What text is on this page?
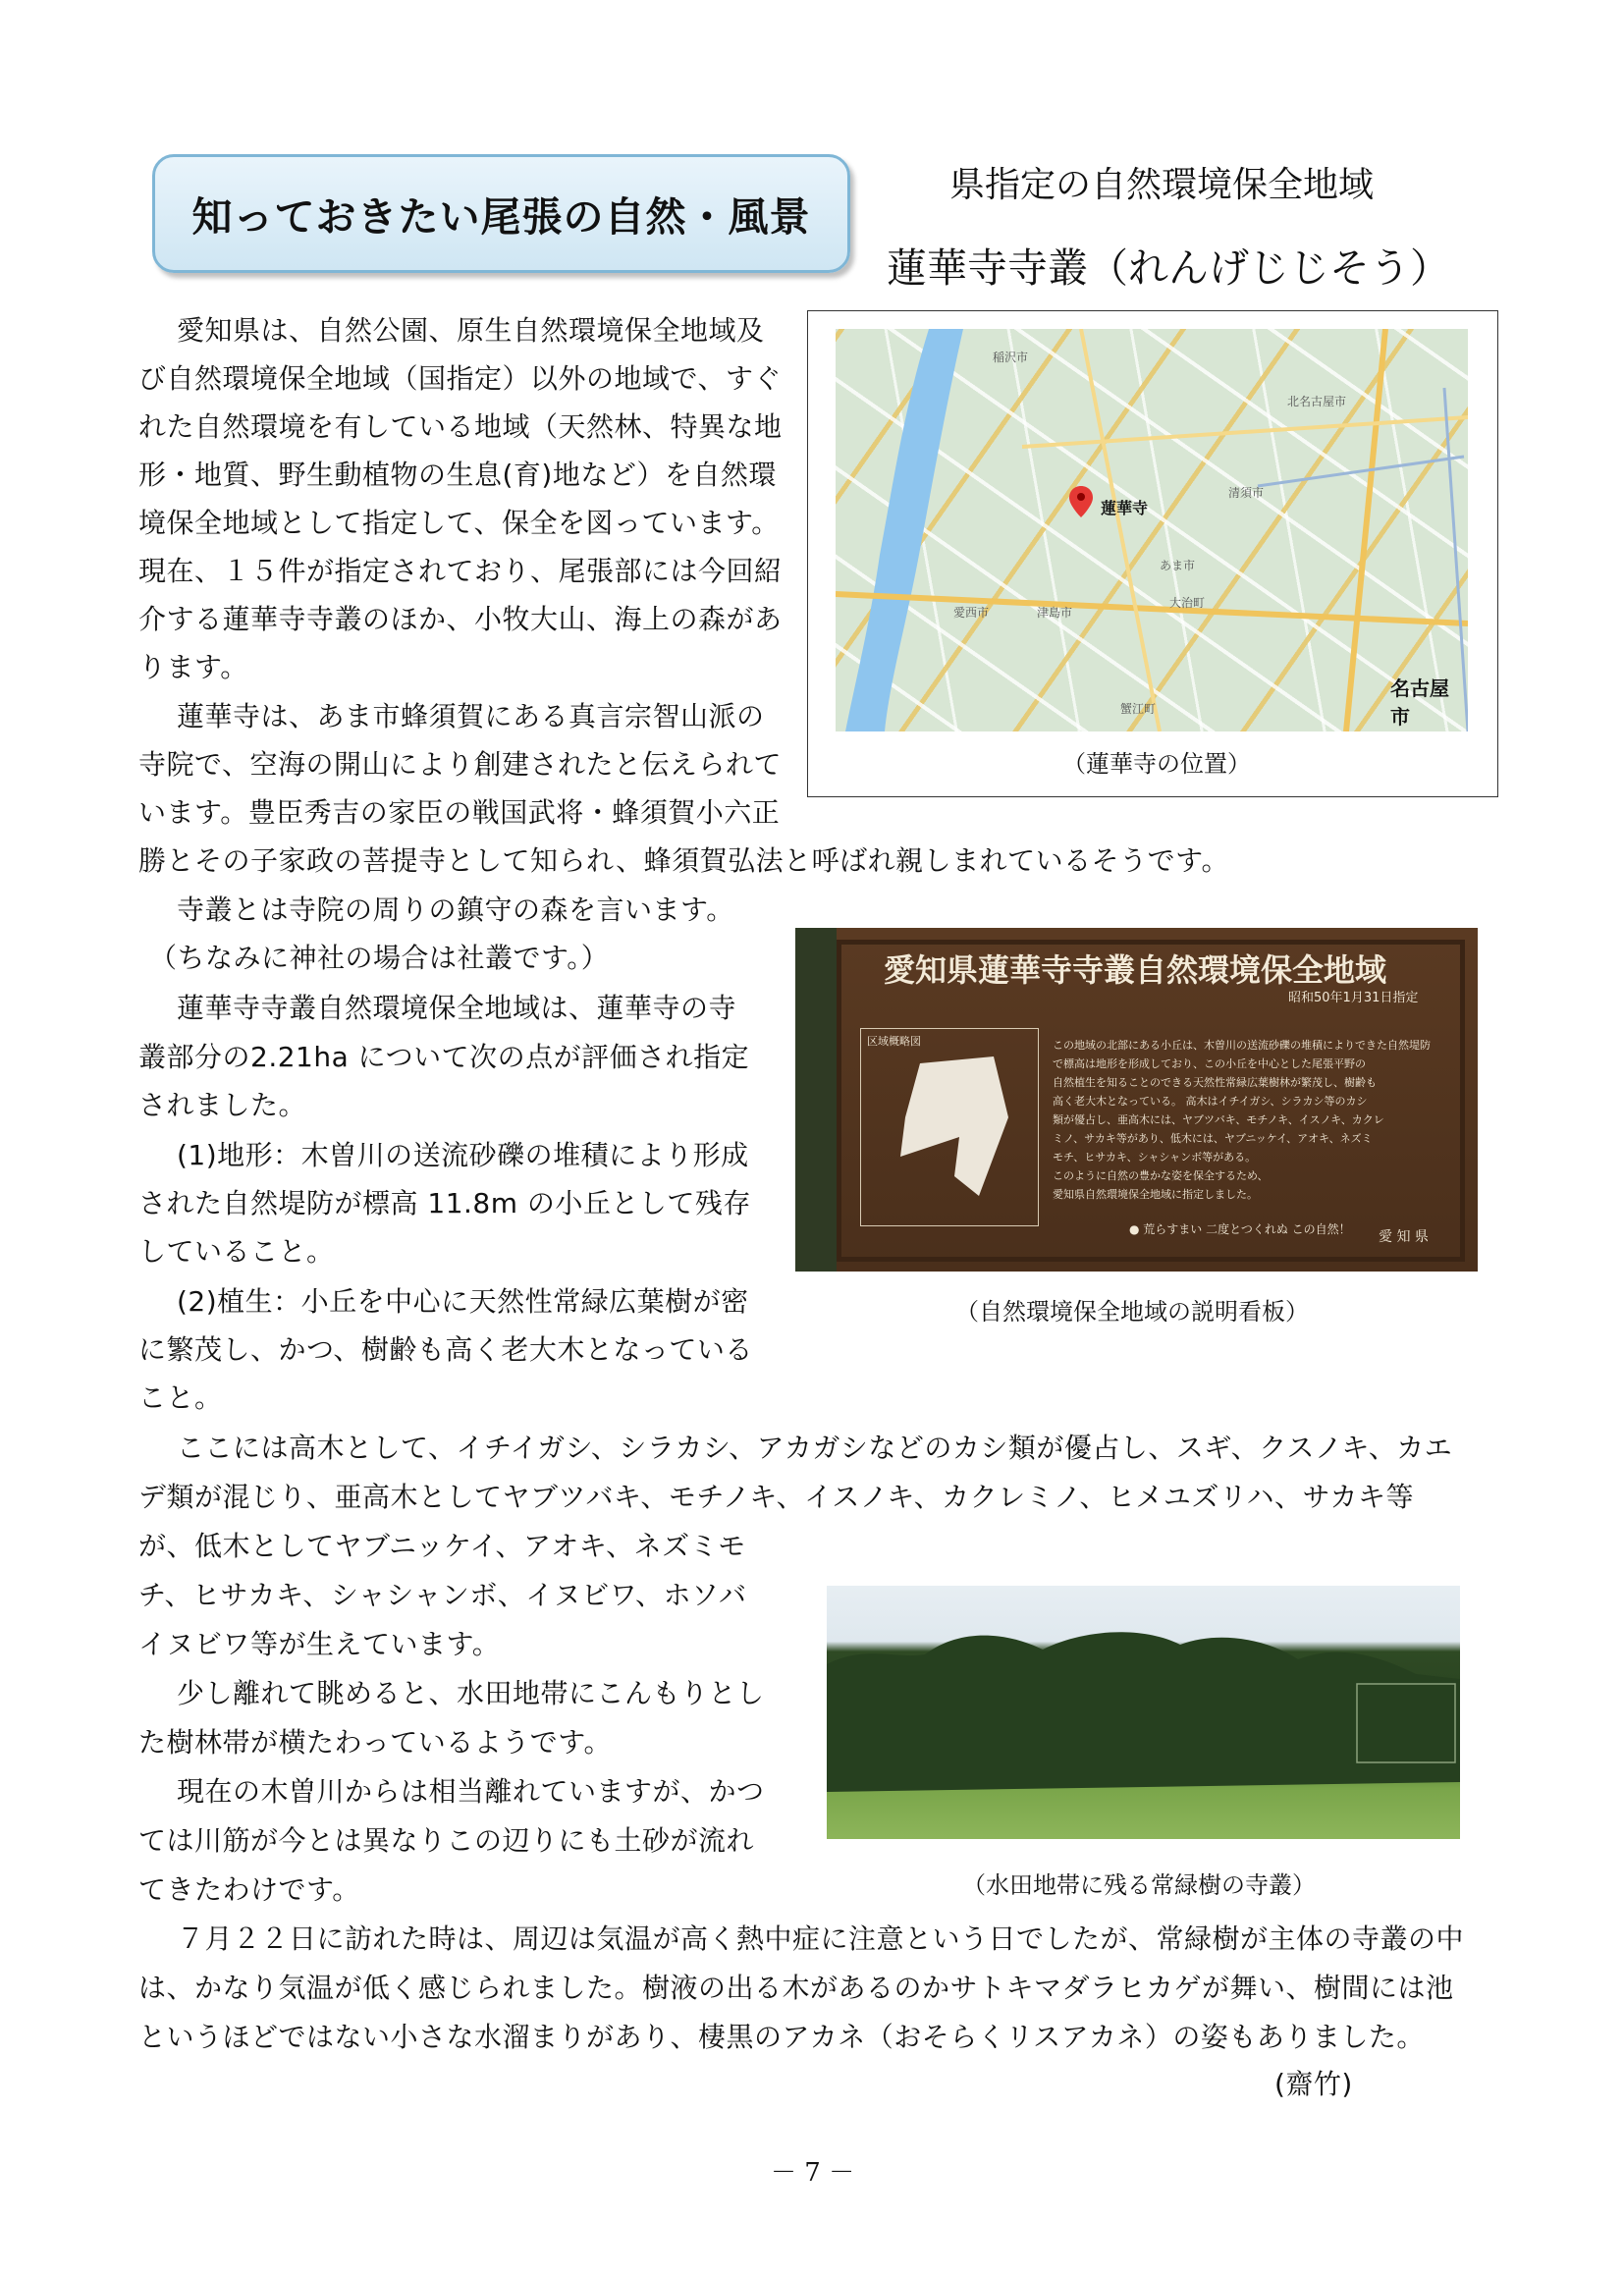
知っておきたい尾張の自然・風景
県指定の自然環境保全地域
蓮華寺寺叢（れんげじじそう）
蓮華寺
名古屋市
北名古屋市
清須市
あま市
愛西市	津島市
大治町
蟹江町
稲沢市
（蓮華寺の位置）
愛知県蓮華寺寺叢自然環境保全地域
昭和50年1月31日指定
区域概略図	この地域の北部にある小丘は、木曽川の送流砂礫の堆積によりできた自然堤防
で標高は地形を形成しており、この小丘を中心とした尾張平野の
自然植生を知ることのできる天然性常緑広葉樹林が繁茂し、樹齢も
高く老大木となっている。 高木はイチイガシ、シラカシ等のカシ
類が優占し、亜高木には、ヤブツバキ、モチノキ、イスノキ、カクレ
ミノ、サカキ等があり、低木には、ヤブニッケイ、アオキ、ネズミ
モチ、ヒサカキ、シャシャンボ等がある。
このように自然の豊かな姿を保全するため、
愛知県自然環境保全地域に指定しました。
● 荒らすまい 二度とつくれぬ この自然！ 愛 知 県
（自然環境保全地域の説明看板）
（水田地帯に残る常緑樹の寺叢）
愛知県は、自然公園、原生自然環境保全地域及
び自然環境保全地域（国指定）以外の地域で、すぐ
れた自然環境を有している地域（天然林、特異な地
形・地質、野生動植物の生息(育)地など）を自然環
境保全地域として指定して、保全を図っています。
現在、１５件が指定されており、尾張部には今回紹
介する蓮華寺寺叢のほか、小牧大山、海上の森があ
ります。
蓮華寺は、あま市蜂須賀にある真言宗智山派の
寺院で、空海の開山により創建されたと伝えられて
います。豊臣秀吉の家臣の戦国武将・蜂須賀小六正
勝とその子家政の菩提寺として知られ、蜂須賀弘法と呼ばれ親しまれているそうです。
寺叢とは寺院の周りの鎮守の森を言います。
（ちなみに神社の場合は社叢です。）
蓮華寺寺叢自然環境保全地域は、蓮華寺の寺
叢部分の2.21ha について次の点が評価され指定
されました。
(1)地形：木曽川の送流砂礫の堆積により形成
された自然堤防が標高 11.8m の小丘として残存
していること。
(2)植生：小丘を中心に天然性常緑広葉樹が密
に繁茂し、かつ、樹齢も高く老大木となっている
こと。
ここには高木として、イチイガシ、シラカシ、アカガシなどのカシ類が優占し、スギ、クスノキ、カエ
デ類が混じり、亜高木としてヤブツバキ、モチノキ、イスノキ、カクレミノ、ヒメユズリハ、サカキ等
が、低木としてヤブニッケイ、アオキ、ネズミモ
チ、ヒサカキ、シャシャンボ、イヌビワ、ホソバ
イヌビワ等が生えています。
少し離れて眺めると、水田地帯にこんもりとし
た樹林帯が横たわっているようです。
現在の木曽川からは相当離れていますが、かつ
ては川筋が今とは異なりこの辺りにも土砂が流れ
てきたわけです。
７月２２日に訪れた時は、周辺は気温が高く熱中症に注意という日でしたが、常緑樹が主体の寺叢の中
は、かなり気温が低く感じられました。樹液の出る木があるのかサトキマダラヒカゲが舞い、樹間には池
というほどではない小さな水溜まりがあり、棲黒のアカネ（おそらくリスアカネ）の姿もありました。
(齋竹)
－ 7 －
